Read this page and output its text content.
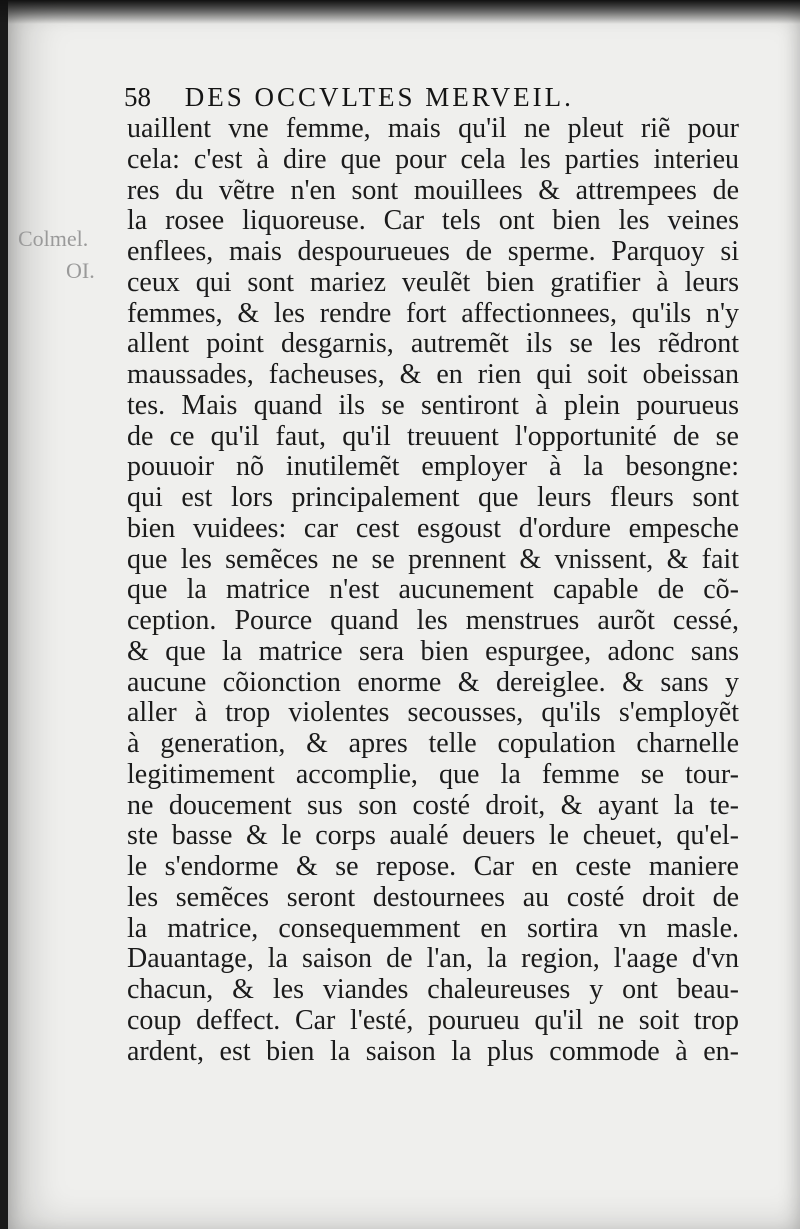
58 DES OCCVLTES MERVEIL.
Colmel.
OI.
uaillent vne femme, mais qu'il ne pleut riẽ pour
cela: c'est à dire que pour cela les parties interieu
res du vẽtre n'en sont mouillees & attrempees de
la rosee liquoreuse. Car tels ont bien les veines
enflees, mais despourueues de sperme. Parquoy si
ceux qui sont mariez veulẽt bien gratifier à leurs
femmes, & les rendre fort affectionnees, qu'ils n'y
allent point desgarnis, autremẽt ils se les rẽdront
maussades, facheuses, & en rien qui soit obeissan
tes. Mais quand ils se sentiront à plein pourueus
de ce qu'il faut, qu'il treuuent l'opportunité de se
pouuoir nõ inutilemẽt employer à la besongne:
qui est lors principalement que leurs fleurs sont
bien vuidees: car cest esgoust d'ordure empesche
que les semẽces ne se prennent & vnissent, & fait
que la matrice n'est aucunement capable de cõ-
ception. Pource quand les menstrues aurõt cessé,
& que la matrice sera bien espurgee, adonc sans
aucune cõionction enorme & dereiglee. & sans y
aller à trop violentes secousses, qu'ils s'employẽt
à generation, & apres telle copulation charnelle
legitimement accomplie, que la femme se tour-
ne doucement sus son costé droit, & ayant la te-
ste basse & le corps aualé deuers le cheuet, qu'el-
le s'endorme & se repose. Car en ceste maniere
les semẽces seront destournees au costé droit de
la matrice, consequemment en sortira vn masle.
Dauantage, la saison de l'an, la region, l'aage d'vn
chacun, & les viandes chaleureuses y ont beau-
coup deffect. Car l'esté, pourueu qu'il ne soit trop
ardent, est bien la saison la plus commode à en-
